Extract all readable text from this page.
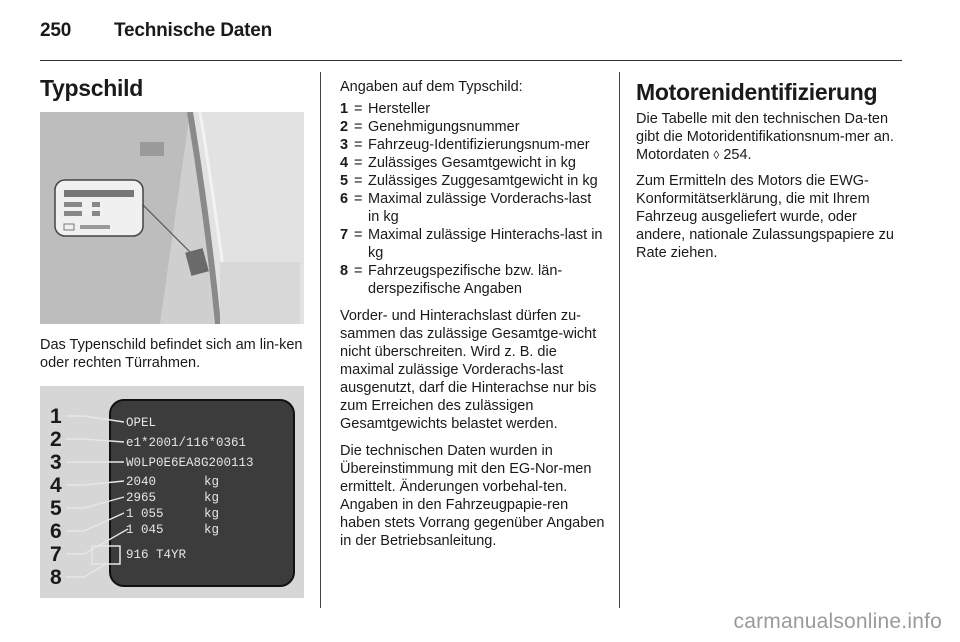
250 Technische Daten
Typschild
Das Typenschild befindet sich am lin-ken oder rechten Türrahmen.
OPEL
e1*2001/116*0361
W0LP0E6EA8G200113
2040
2965
1 055
1 045
kg
kg
kg
kg
916 T4YR
1
2
3
4
5
6
7
8
Angaben auf dem Typschild:
1 = Hersteller
2 = Genehmigungsnummer
3 = Fahrzeug-Identifizierungsnum-mer
4 = Zulässiges Gesamtgewicht in kg
5 = Zulässiges Zuggesamtgewicht in kg
6 = Maximal zulässige Vorderachs-last in kg
7 = Maximal zulässige Hinterachs-last in kg
8 = Fahrzeugspezifische bzw. län-derspezifische Angaben

Vorder- und Hinterachslast dürfen zu-sammen das zulässige Gesamtge-wicht nicht überschreiten. Wird z. B. die maximal zulässige Vorderachs-last ausgenutzt, darf die Hinterachse nur bis zum Erreichen des zulässigen Gesamtgewichts belastet werden.

Die technischen Daten wurden in Übereinstimmung mit den EG-Nor-men ermittelt. Änderungen vorbehal-ten. Angaben in den Fahrzeugpapie-ren haben stets Vorrang gegenüber Angaben in der Betriebsanleitung.

Motorenidentifizierung

Die Tabelle mit den technischen Da-ten gibt die Motoridentifikationsnum-mer an. Motordaten ◊ 254.

Zum Ermitteln des Motors die EWG-Konformitätserklärung, die mit Ihrem Fahrzeug ausgeliefert wurde, oder andere, nationale Zulassungspapiere zu Rate ziehen.

carmanualsonline.info
